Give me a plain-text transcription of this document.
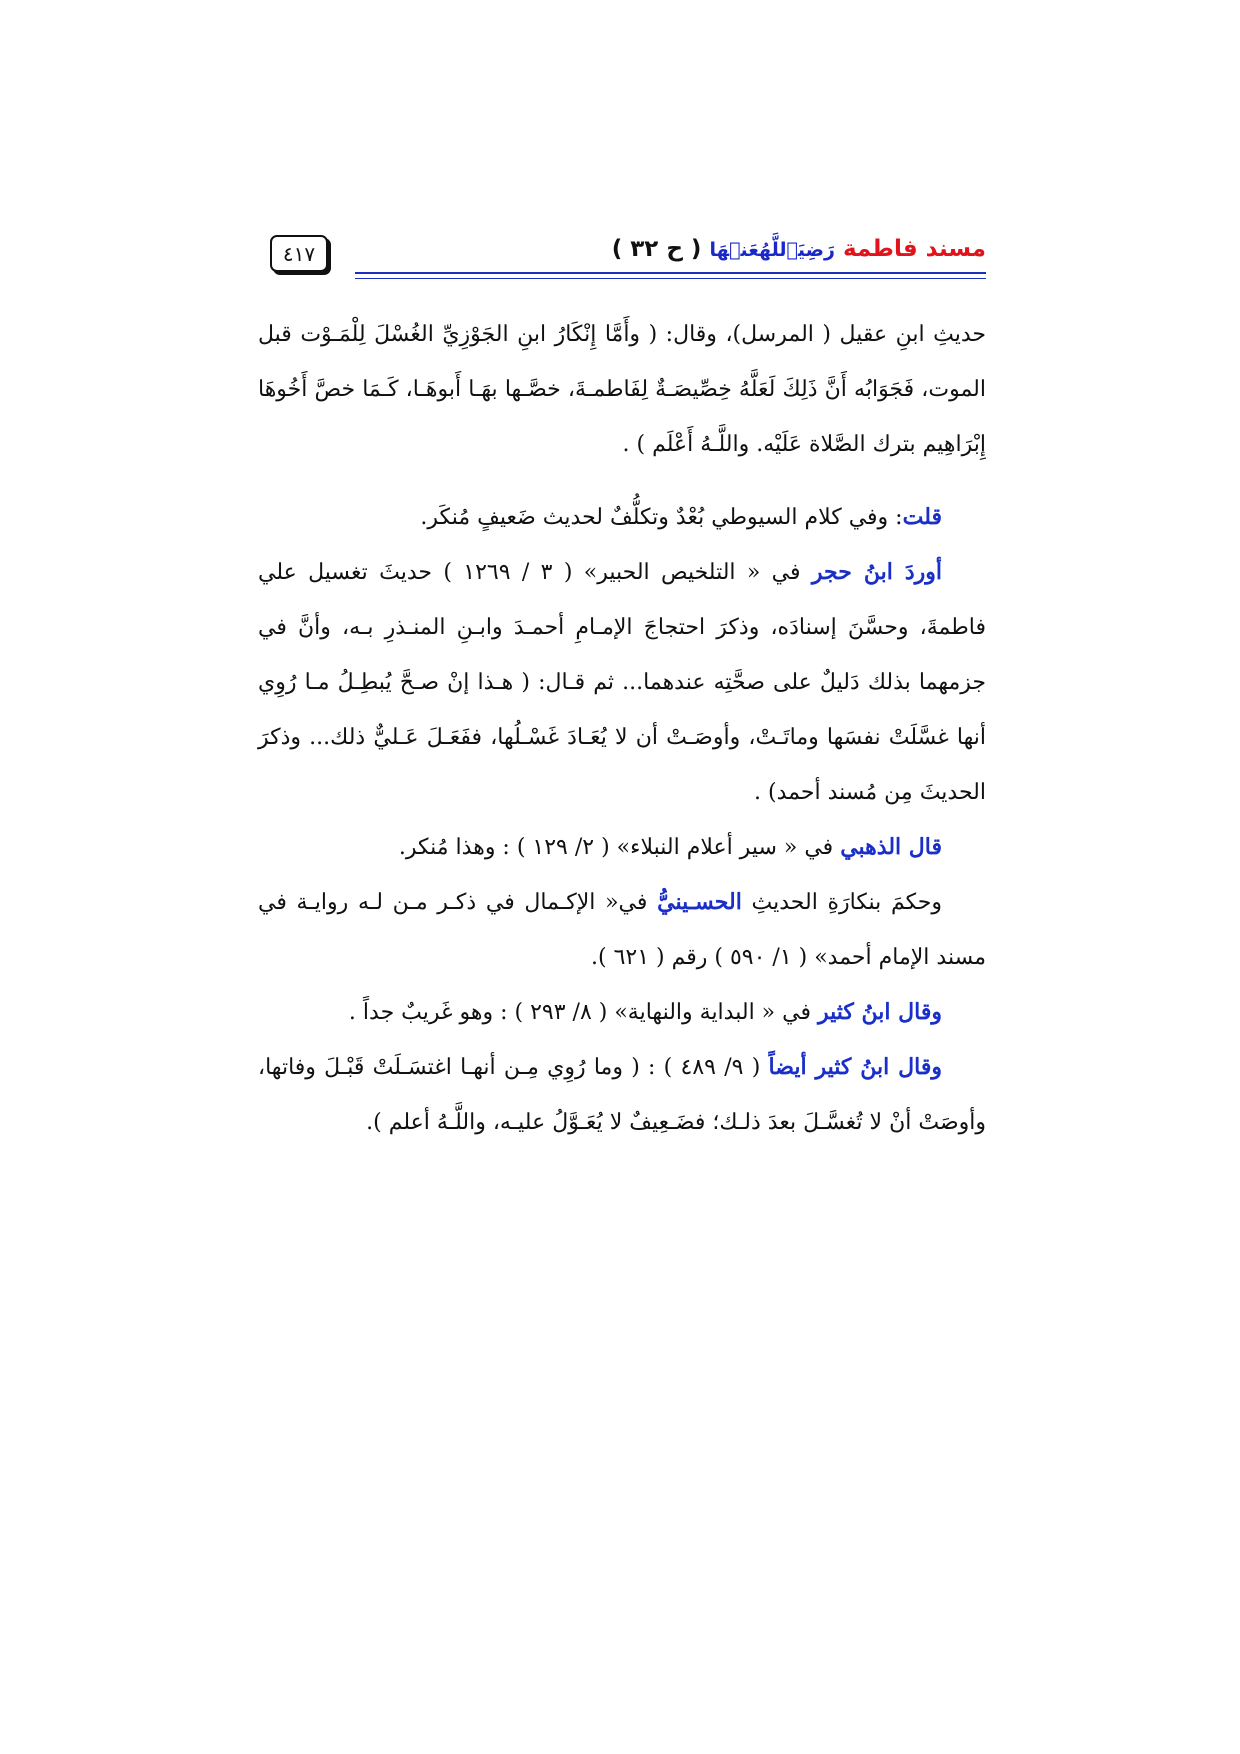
مسند فاطمة رَضِيَٱللَّهُعَنۡهَا ( ح ٣٢ )
٤١٧

حديثِ ابنِ عقيل ( المرسل)، وقال: ( وأَمَّا إِنْكَارُ ابنِ الجَوْزِيِّ الغُسْلَ لِلْمَـوْت قبل الموت، فَجَوَابُه أَنَّ ذَلِكَ لَعَلَّهُ خِصِّيصَـةٌ لِفَاطمـةَ، خصَّـها بهَـا أَبوهَـا، كَـمَا خصَّ أَخُوهَا إِبْرَاهِيم بترك الصَّلاة عَلَيْه. واللَّـهُ أَعْلَم ) .

قلت: وفي كلام السيوطي بُعْدٌ وتكلُّفٌ لحديث ضَعيفٍ مُنكَر.

أوردَ ابنُ حجر في « التلخيص الحبير» ( ٣ / ١٢٦٩ ) حديثَ تغسيل علي فاطمةَ، وحسَّنَ إسنادَه، وذكرَ احتجاجَ الإمـامِ أحمـدَ وابـنِ المنـذرِ بـه، وأنَّ في جزمهما بذلك دَليلٌ على صحَّتِه عندهما... ثم قـال: ( هـذا إنْ صـحَّ يُبطِـلُ مـا رُوِي أنها غسَّلَتْ نفسَها وماتَـتْ، وأوصَـتْ أن لا يُعَـادَ غَسْـلُها، ففَعَـلَ عَـليٌّ ذلك... وذكرَ الحديثَ مِن مُسند أحمد) .

قال الذهبي في « سير أعلام النبلاء» ( ٢/ ١٢٩ ) : وهذا مُنكر.

وحكمَ بنكارَةِ الحديثِ الحسـينيُّ في« الإكـمال في ذكـر مـن لـه روايـة في مسند الإمام أحمد» ( ١/ ٥٩٠ ) رقم ( ٦٢١ ).

وقال ابنُ كثير في « البداية والنهاية» ( ٨/ ٢٩٣ ) : وهو غَريبٌ جداً .

وقال ابنُ كثير أيضاً ( ٩/ ٤٨٩ ) : ( وما رُوِي مِـن أنهـا اغتسَـلَتْ قَبْـلَ وفاتها، وأوصَتْ أنْ لا تُغسَّـلَ بعدَ ذلـك؛ فضَـعِيفٌ لا يُعَـوَّلُ عليـه، واللَّـهُ أعلم ).
